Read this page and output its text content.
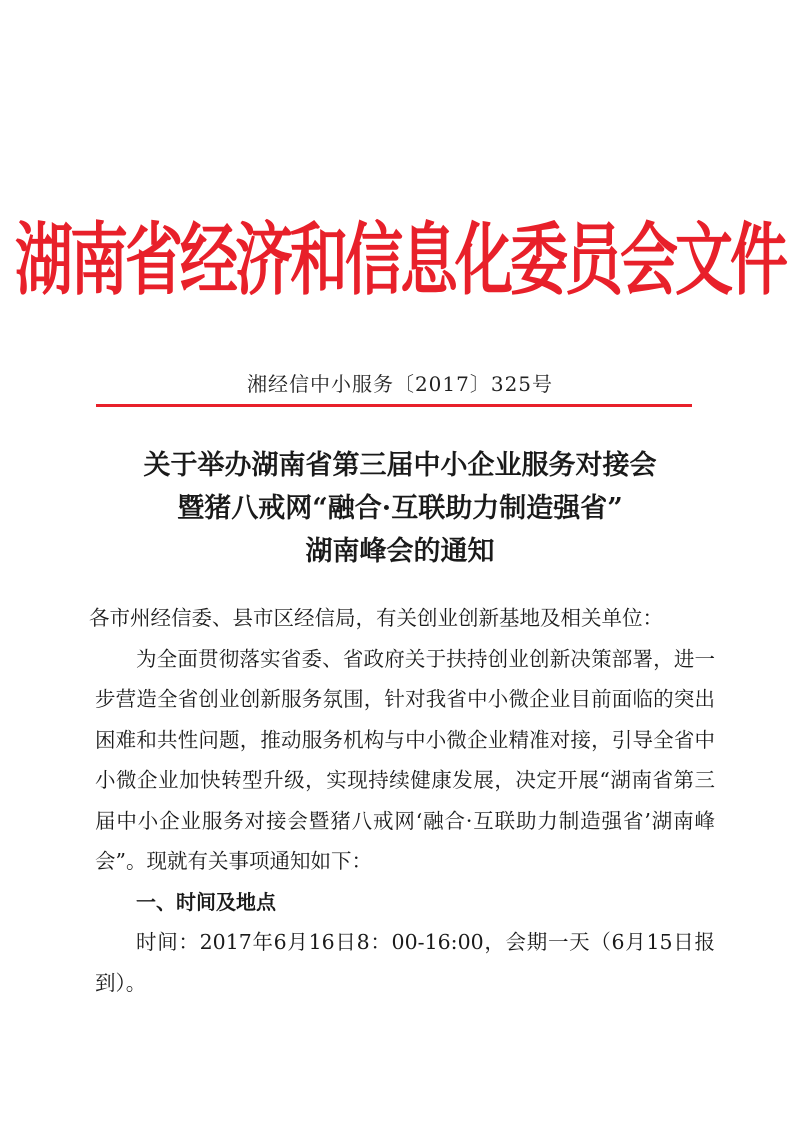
湖南省经济和信息化委员会文件
湘经信中小服务〔2017〕325号
关于举办湖南省第三届中小企业服务对接会
暨猪八戒网“融合·互联助力制造强省”
湖南峰会的通知

各市州经信委、县市区经信局，有关创业创新基地及相关单位：

为全面贯彻落实省委、省政府关于扶持创业创新决策部署，进一步营造全省创业创新服务氛围，针对我省中小微企业目前面临的突出困难和共性问题，推动服务机构与中小微企业精准对接，引导全省中小微企业加快转型升级，实现持续健康发展，决定开展“湖南省第三届中小企业服务对接会暨猪八戒网‘融合·互联助力制造强省’湖南峰会”。现就有关事项通知如下：

一、时间及地点

时间：2017年6月16日8：00-16:00，会期一天（6月15日报到）。
